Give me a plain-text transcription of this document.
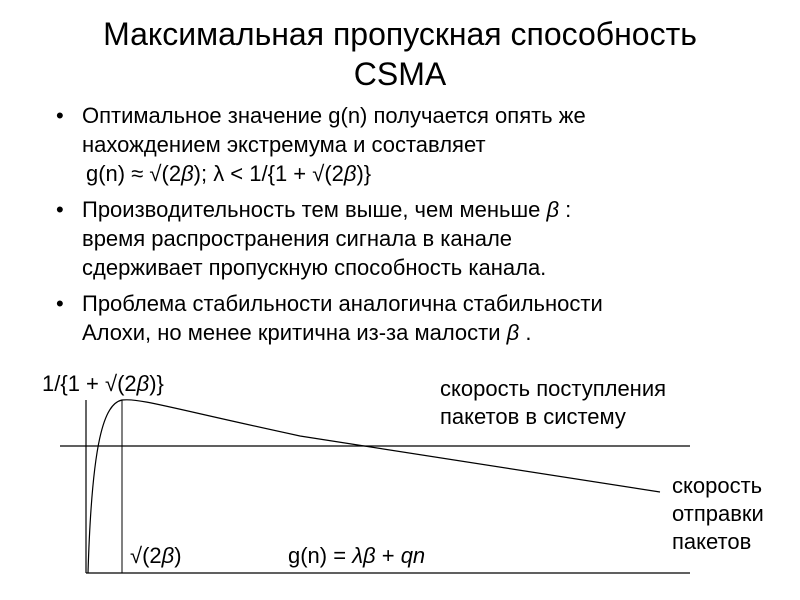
Максимальная пропускная способность
CSMA
• Оптимальное значение g(n) получается опять же
нахождением экстремума и составляет
g(n) ≈ √(2β); λ < 1/{1 + √(2β)}
• Производительность тем выше, чем меньше β :
время распространения сигнала в канале
сдерживает пропускную способность канала.
• Проблема стабильности аналогична стабильности
Алохи, но менее критична из-за малости β .
1/{1 + √(2β)}	скорость поступления
пакетов в систему
скорость
отправки
пакетов
√(2β)	g(n) = λβ + qn
